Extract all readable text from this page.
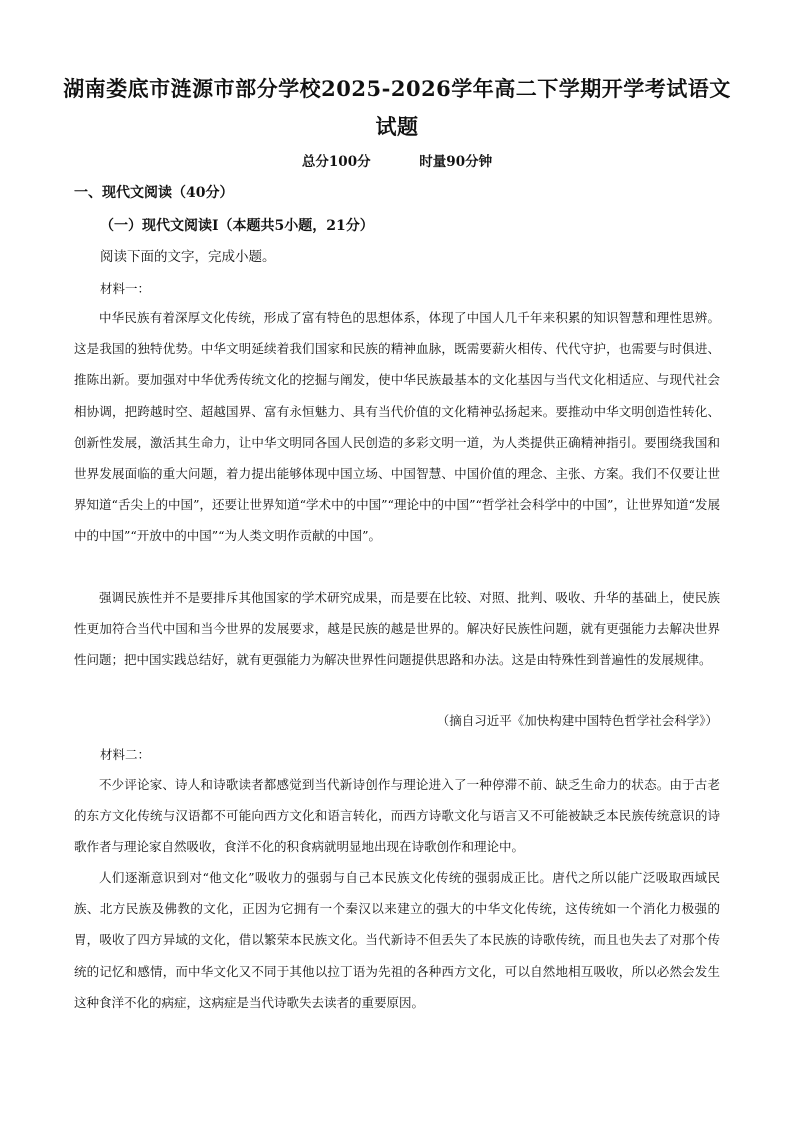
湖南娄底市涟源市部分学校2025-2026学年高二下学期开学考试语文试题
总分100分	时量90分钟
一、现代文阅读（40分）
（一）现代文阅读Ⅰ（本题共5小题，21分）
阅读下面的文字，完成小题。
材料一：

中华民族有着深厚文化传统，形成了富有特色的思想体系，体现了中国人几千年来积累的知识智慧和理性思辨。这是我国的独特优势。中华文明延续着我们国家和民族的精神血脉，既需要薪火相传、代代守护，也需要与时俱进、推陈出新。要加强对中华优秀传统文化的挖掘与阐发，使中华民族最基本的文化基因与当代文化相适应、与现代社会相协调，把跨越时空、超越国界、富有永恒魅力、具有当代价值的文化精神弘扬起来。要推动中华文明创造性转化、创新性发展，激活其生命力，让中华文明同各国人民创造的多彩文明一道，为人类提供正确精神指引。要围绕我国和世界发展面临的重大问题，着力提出能够体现中国立场、中国智慧、中国价值的理念、主张、方案。我们不仅要让世界知道“舌尖上的中国”，还要让世界知道“学术中的中国”“理论中的中国”“哲学社会科学中的中国”，让世界知道“发展中的中国”“开放中的中国”“为人类文明作贡献的中国”。

强调民族性并不是要排斥其他国家的学术研究成果，而是要在比较、对照、批判、吸收、升华的基础上，使民族性更加符合当代中国和当今世界的发展要求，越是民族的越是世界的。解决好民族性问题，就有更强能力去解决世界性问题；把中国实践总结好，就有更强能力为解决世界性问题提供思路和办法。这是由特殊性到普遍性的发展规律。

（摘自习近平《加快构建中国特色哲学社会科学》）
材料二：

不少评论家、诗人和诗歌读者都感觉到当代新诗创作与理论进入了一种停滞不前、缺乏生命力的状态。由于古老的东方文化传统与汉语都不可能向西方文化和语言转化，而西方诗歌文化与语言又不可能被缺乏本民族传统意识的诗歌作者与理论家自然吸收，食洋不化的积食病就明显地出现在诗歌创作和理论中。

人们逐渐意识到对“他文化”吸收力的强弱与自己本民族文化传统的强弱成正比。唐代之所以能广泛吸取西域民族、北方民族及佛教的文化，正因为它拥有一个秦汉以来建立的强大的中华文化传统，这传统如一个消化力极强的胃，吸收了四方异域的文化，借以繁荣本民族文化。当代新诗不但丢失了本民族的诗歌传统，而且也失去了对那个传统的记忆和感情，而中华文化又不同于其他以拉丁语为先祖的各种西方文化，可以自然地相互吸收，所以必然会发生这种食洋不化的病症，这病症是当代诗歌失去读者的重要原因。
